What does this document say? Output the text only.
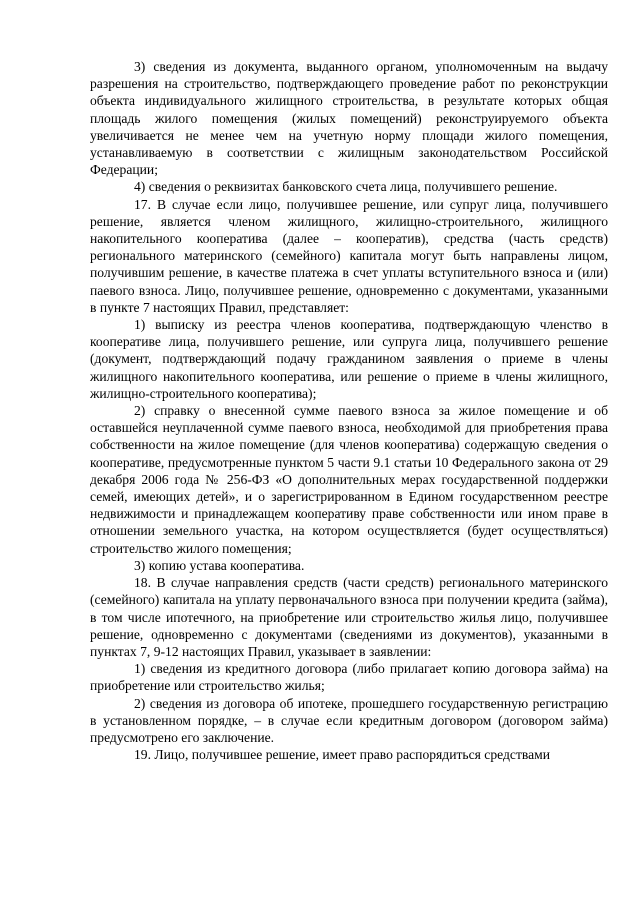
3) сведения из документа, выданного органом, уполномоченным на выдачу разрешения на строительство, подтверждающего проведение работ по реконструкции объекта индивидуального жилищного строительства, в результате которых общая площадь жилого помещения (жилых помещений) реконструируемого объекта увеличивается не менее чем на учетную норму площади жилого помещения, устанавливаемую в соответствии с жилищным законодательством Российской Федерации;

4) сведения о реквизитах банковского счета лица, получившего решение.

17. В случае если лицо, получившее решение, или супруг лица, получившего решение, является членом жилищного, жилищно-строительного, жилищного накопительного кооператива (далее – кооператив), средства (часть средств) регионального материнского (семейного) капитала могут быть направлены лицом, получившим решение, в качестве платежа в счет уплаты вступительного взноса и (или) паевого взноса. Лицо, получившее решение, одновременно с документами, указанными в пункте 7 настоящих Правил, представляет:

1) выписку из реестра членов кооператива, подтверждающую членство в кооперативе лица, получившего решение, или супруга лица, получившего решение (документ, подтверждающий подачу гражданином заявления о приеме в члены жилищного накопительного кооператива, или решение о приеме в члены жилищного, жилищно-строительного кооператива);

2) справку о внесенной сумме паевого взноса за жилое помещение и об оставшейся неуплаченной сумме паевого взноса, необходимой для приобретения права собственности на жилое помещение (для членов кооператива) содержащую сведения о кооперативе, предусмотренные пунктом 5 части 9.1 статьи 10 Федерального закона от 29 декабря 2006 года № 256-ФЗ «О дополнительных мерах государственной поддержки семей, имеющих детей», и о зарегистрированном в Едином государственном реестре недвижимости и принадлежащем кооперативу праве собственности или ином праве в отношении земельного участка, на котором осуществляется (будет осуществляться) строительство жилого помещения;

3) копию устава кооператива.

18. В случае направления средств (части средств) регионального материнского (семейного) капитала на уплату первоначального взноса при получении кредита (займа), в том числе ипотечного, на приобретение или строительство жилья лицо, получившее решение, одновременно с документами (сведениями из документов), указанными в пунктах 7, 9-12 настоящих Правил, указывает в заявлении:

1) сведения из кредитного договора (либо прилагает копию договора займа) на приобретение или строительство жилья;

2) сведения из договора об ипотеке, прошедшего государственную регистрацию в установленном порядке, – в случае если кредитным договором (договором займа) предусмотрено его заключение.

19. Лицо, получившее решение, имеет право распорядиться средствами
